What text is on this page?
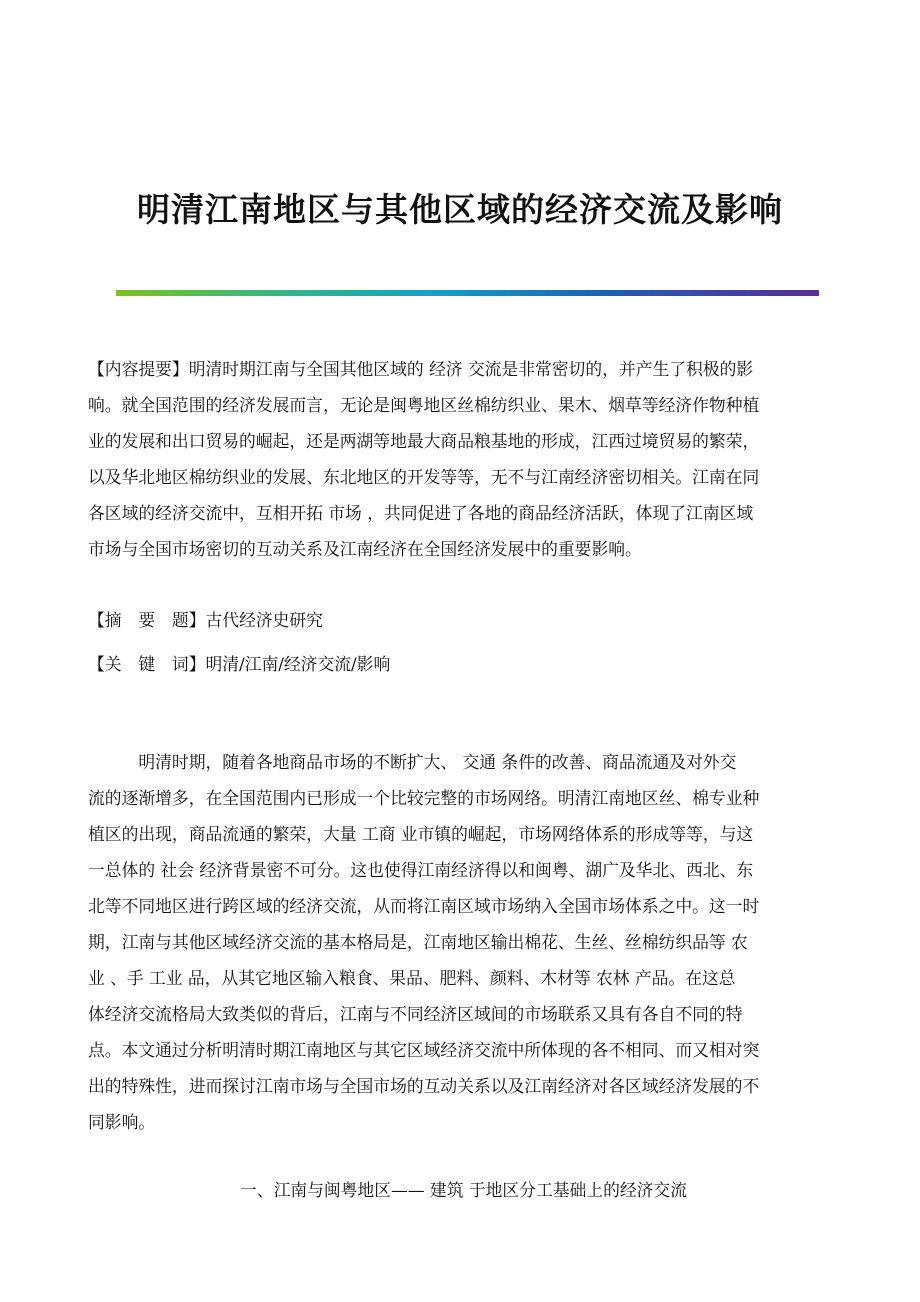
明清江南地区与其他区域的经济交流及影响
【内容提要】明清时期江南与全国其他区域的 经济 交流是非常密切的，并产生了积极的影
响。就全国范围的经济发展而言，无论是闽粤地区丝棉纺织业、果木、烟草等经济作物种植
业的发展和出口贸易的崛起，还是两湖等地最大商品粮基地的形成，江西过境贸易的繁荣，
以及华北地区棉纺织业的发展、东北地区的开发等等，无不与江南经济密切相关。江南在同
各区域的经济交流中，互相开拓 市场 ，共同促进了各地的商品经济活跃，体现了江南区域
市场与全国市场密切的互动关系及江南经济在全国经济发展中的重要影响。
【摘　要　题】古代经济史研究
【关　键　词】明清/江南/经济交流/影响
　　　明清时期，随着各地商品市场的不断扩大、 交通 条件的改善、商品流通及对外交
流的逐渐增多，在全国范围内已形成一个比较完整的市场网络。明清江南地区丝、棉专业种
植区的出现，商品流通的繁荣，大量 工商 业市镇的崛起，市场网络体系的形成等等，与这
一总体的 社会 经济背景密不可分。这也使得江南经济得以和闽粤、湖广及华北、西北、东
北等不同地区进行跨区域的经济交流，从而将江南区域市场纳入全国市场体系之中。这一时
期，江南与其他区域经济交流的基本格局是，江南地区输出棉花、生丝、丝棉纺织品等 农
业 、手 工业 品，从其它地区输入粮食、果品、肥料、颜料、木材等 农林 产品。在这总
体经济交流格局大致类似的背后，江南与不同经济区域间的市场联系又具有各自不同的特
点。本文通过分析明清时期江南地区与其它区域经济交流中所体现的各不相同、而又相对突
出的特殊性，进而探讨江南市场与全国市场的互动关系以及江南经济对各区域经济发展的不
同影响。
一、江南与闽粤地区—— 建筑 于地区分工基础上的经济交流
